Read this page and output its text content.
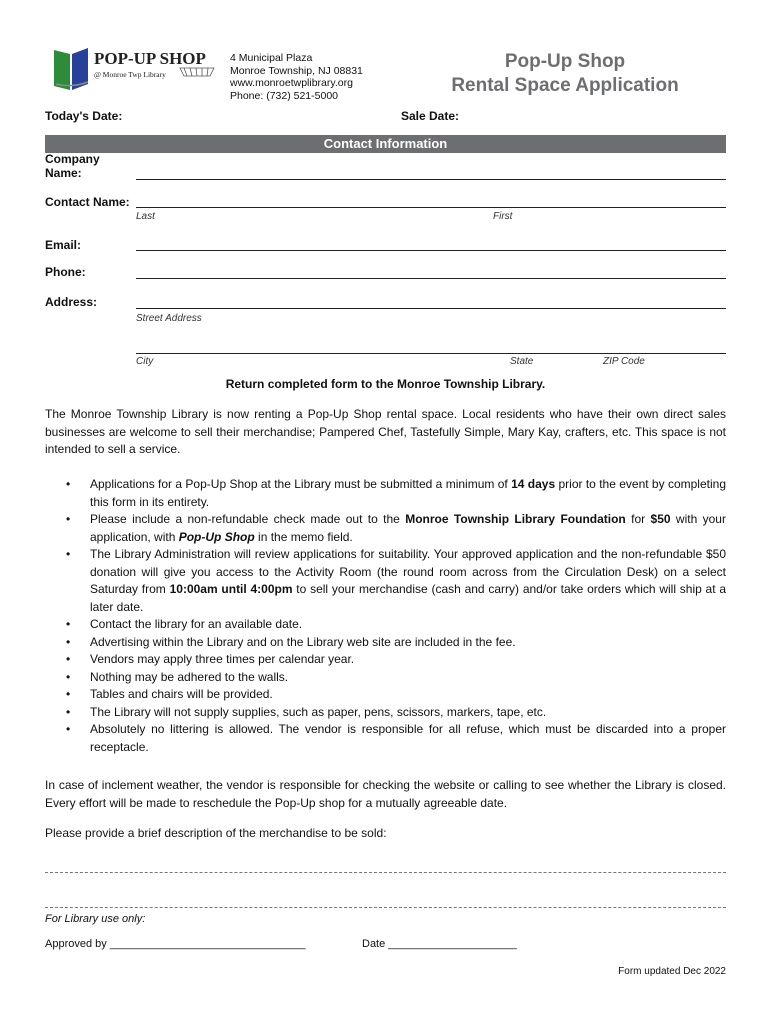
POP-UP SHOP
@ Monroe Twp Library
4 Municipal Plaza
Monroe Township, NJ 08831
www.monroetwplibrary.org
Phone: (732) 521-5000
Pop-Up Shop
Rental Space Application
Today's Date:	Sale Date:
Contact Information
Company Name:
Contact Name:
Last	First
Email:
Phone:
Address:
Street Address
City	State	ZIP Code
Return completed form to the Monroe Township Library.
The Monroe Township Library is now renting a Pop-Up Shop rental space. Local residents who have their own direct sales businesses are welcome to sell their merchandise; Pampered Chef, Tastefully Simple, Mary Kay, crafters, etc. This space is not intended to sell a service.
• Applications for a Pop-Up Shop at the Library must be submitted a minimum of 14 days prior to the event by completing this form in its entirety.
• Please include a non-refundable check made out to the Monroe Township Library Foundation for $50 with your application, with Pop-Up Shop in the memo field.
• The Library Administration will review applications for suitability. Your approved application and the non-refundable $50 donation will give you access to the Activity Room (the round room across from the Circulation Desk) on a select Saturday from 10:00am until 4:00pm to sell your merchandise (cash and carry) and/or take orders which will ship at a later date.
• Contact the library for an available date.
• Advertising within the Library and on the Library web site are included in the fee.
• Vendors may apply three times per calendar year.
• Nothing may be adhered to the walls.
• Tables and chairs will be provided.
• The Library will not supply supplies, such as paper, pens, scissors, markers, tape, etc.
• Absolutely no littering is allowed. The vendor is responsible for all refuse, which must be discarded into a proper receptacle.
In case of inclement weather, the vendor is responsible for checking the website or calling to see whether the Library is closed. Every effort will be made to reschedule the Pop-Up shop for a mutually agreeable date.
Please provide a brief description of the merchandise to be sold:
For Library use only:
Approved by ________________________________	Date _____________________
Form updated Dec 2022
